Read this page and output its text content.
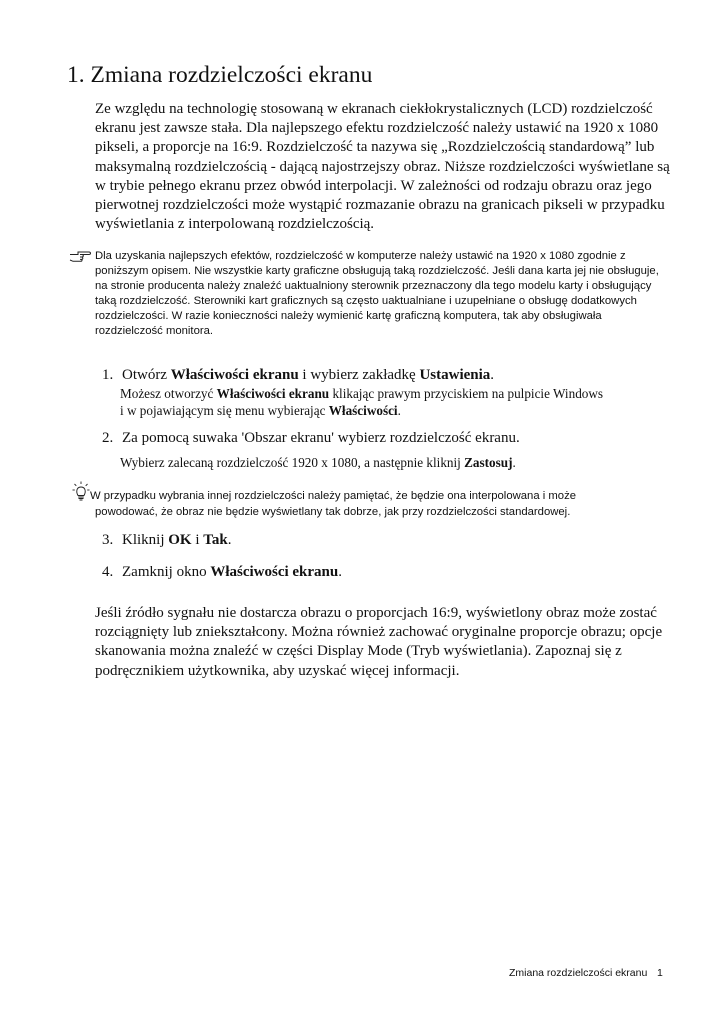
1. Zmiana rozdzielczości ekranu

Ze względu na technologię stosowaną w ekranach ciekłokrystalicznych (LCD) rozdzielczość ekranu jest zawsze stała. Dla najlepszego efektu rozdzielczość należy ustawić na 1920 x 1080 pikseli, a proporcje na 16:9. Rozdzielczość ta nazywa się „Rozdzielczością standardową” lub maksymalną rozdzielczością - dającą najostrzejszy obraz. Niższe rozdzielczości wyświetlane są w trybie pełnego ekranu przez obwód interpolacji. W zależności od rodzaju obrazu oraz jego pierwotnej rozdzielczości może wystąpić rozmazanie obrazu na granicach pikseli w przypadku wyświetlania z interpolowaną rozdzielczością.

Dla uzyskania najlepszych efektów, rozdzielczość w komputerze należy ustawić na 1920 x 1080 zgodnie z poniższym opisem. Nie wszystkie karty graficzne obsługują taką rozdzielczość. Jeśli dana karta jej nie obsługuje, na stronie producenta należy znaleźć uaktualniony sterownik przeznaczony dla tego modelu karty i obsługujący taką rozdzielczość. Sterowniki kart graficznych są często uaktualniane i uzupełniane o obsługę dodatkowych rozdzielczości. W razie konieczności należy wymienić kartę graficzną komputera, tak aby obsługiwała rozdzielczość monitora.

1. Otwórz Właściwości ekranu i wybierz zakładkę Ustawienia.

Możesz otworzyć Właściwości ekranu klikając prawym przyciskiem na pulpicie Windows
i w pojawiającym się menu wybierając Właściwości.

2. Za pomocą suwaka 'Obszar ekranu' wybierz rozdzielczość ekranu.

Wybierz zalecaną rozdzielczość 1920 x 1080, a następnie kliknij Zastosuj.

W przypadku wybrania innej rozdzielczości należy pamiętać, że będzie ona interpolowana i może
powodować, że obraz nie będzie wyświetlany tak dobrze, jak przy rozdzielczości standardowej.

3. Kliknij OK i Tak.

4. Zamknij okno Właściwości ekranu.

Jeśli źródło sygnału nie dostarcza obrazu o proporcjach 16:9, wyświetlony obraz może zostać rozciągnięty lub zniekształcony. Można również zachować oryginalne proporcje obrazu; opcje skanowania można znaleźć w części Display Mode (Tryb wyświetlania). Zapoznaj się z podręcznikiem użytkownika, aby uzyskać więcej informacji.

Zmiana rozdzielczości ekranu 1
